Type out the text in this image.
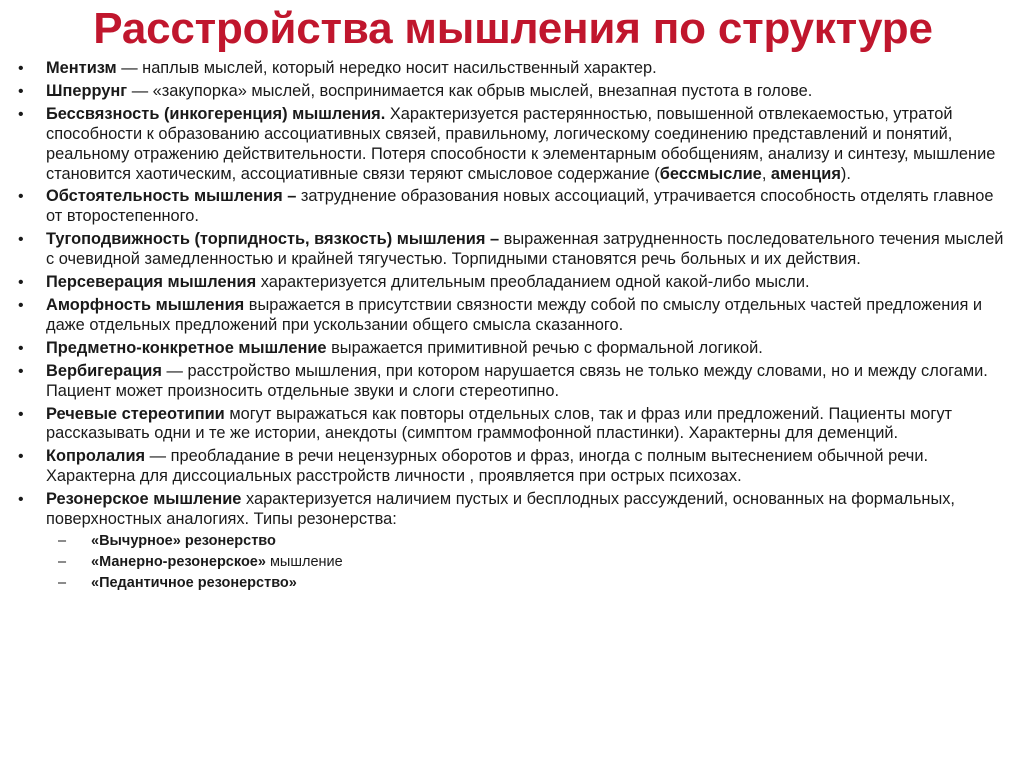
Расстройства мышления по структуре
• Ментизм — наплыв мыслей, который нередко носит насильственный характер.
• Шперрунг — «закупорка» мыслей, воспринимается как обрыв мыслей, внезапная пустота в голове.
• Бессвязность (инкогеренция) мышления. Характеризуется растерянностью, повышенной отвлекаемостью, утратой способности к образованию ассоциативных связей, правильному, логическому соединению представлений и понятий, реальному отражению действительности. Потеря способности к элементарным обобщениям, анализу и синтезу, мышление становится хаотическим, ассоциативные связи теряют смысловое содержание (бессмыслие, аменция).
• Обстоятельность мышления – затруднение образования новых ассоциаций, утрачивается способность отделять главное от второстепенного.
• Тугоподвижность (торпидность, вязкость) мышления – выраженная затрудненность последовательного течения мыслей с очевидной замедленностью и крайней тягучестью. Торпидными становятся речь больных и их действия.
• Персеверация мышления характеризуется длительным преобладанием одной какой-либо мысли.
• Аморфность мышления выражается в присутствии связности между собой по смыслу отдельных частей предложения и даже отдельных предложений при ускользании общего смысла сказанного.
• Предметно-конкретное мышление выражается примитивной речью с формальной логикой.
• Вербигерация — расстройство мышления, при котором нарушается связь не только между словами, но и между слогами. Пациент может произносить отдельные звуки и слоги стереотипно.
• Речевые стереотипии могут выражаться как повторы отдельных слов, так и фраз или предложений. Пациенты могут рассказывать одни и те же истории, анекдоты (симптом граммофонной пластинки). Характерны для деменций.
• Копролалия — преобладание в речи нецензурных оборотов и фраз, иногда с полным вытеснением обычной речи. Характерна для диссоциальных расстройств личности , проявляется при острых психозах.
• Резонерское мышление характеризуется наличием пустых и бесплодных рассуждений, основанных на формальных, поверхностных аналогиях. Типы резонерства:
– «Вычурное» резонерство
– «Манерно-резонерское» мышление
– «Педантичное резонерство»
